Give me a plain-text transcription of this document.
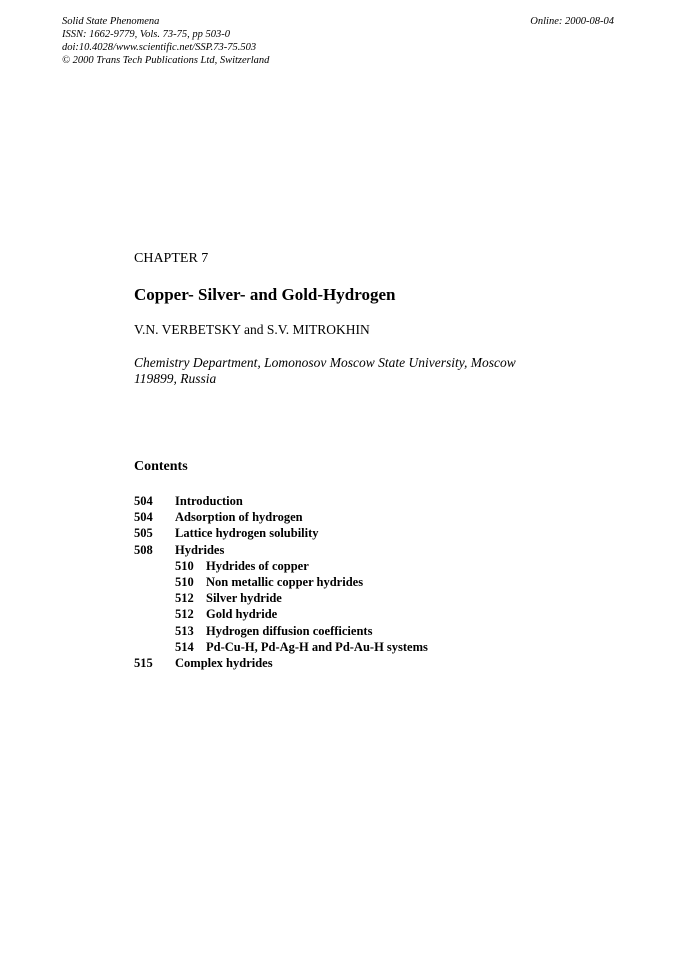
Solid State Phenomena
ISSN: 1662-9779, Vols. 73-75, pp 503-0
doi:10.4028/www.scientific.net/SSP.73-75.503
© 2000 Trans Tech Publications Ltd, Switzerland
Online: 2000-08-04
CHAPTER 7
Copper- Silver- and Gold-Hydrogen
V.N. VERBETSKY and S.V. MITROKHIN
Chemistry Department, Lomonosov Moscow State University, Moscow 119899, Russia
Contents
504	Introduction
504	Adsorption of hydrogen
505	Lattice hydrogen solubility
508	Hydrides
510 Hydrides of copper
510 Non metallic copper hydrides
512 Silver hydride
512 Gold hydride
513 Hydrogen diffusion coefficients
514 Pd-Cu-H, Pd-Ag-H and Pd-Au-H systems
515	Complex hydrides
